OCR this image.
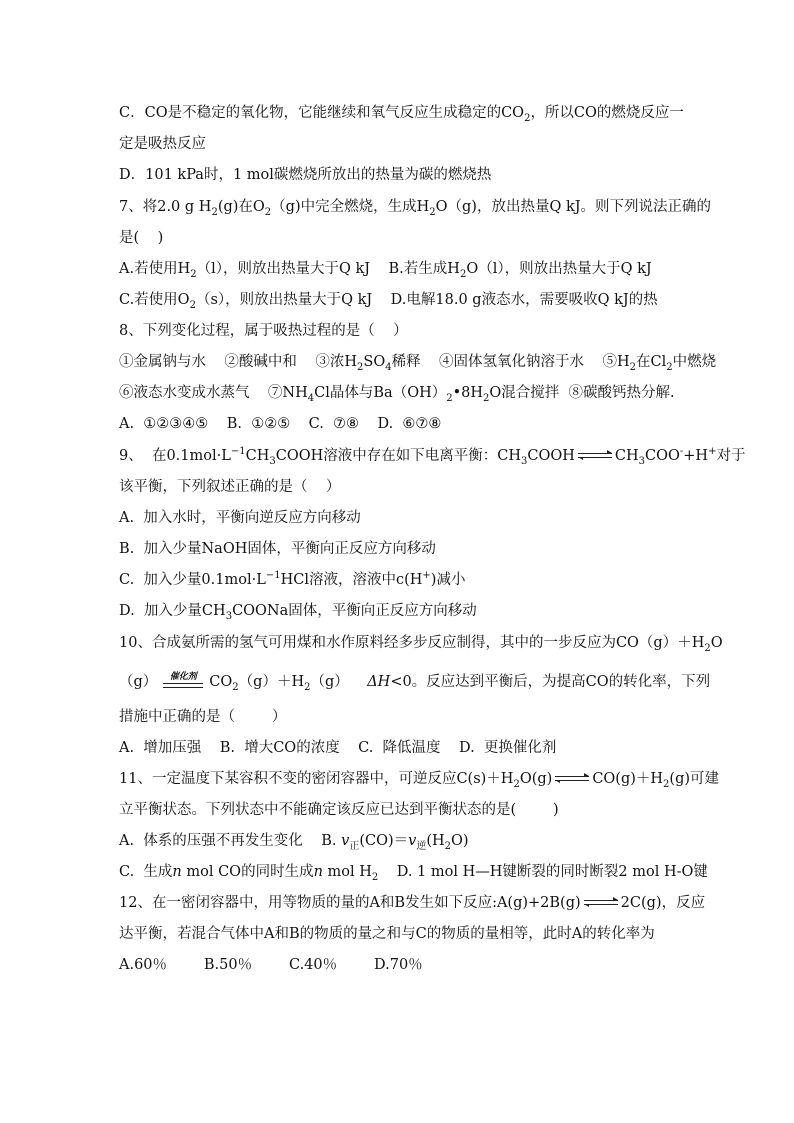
C．CO是不稳定的氧化物，它能继续和氧气反应生成稳定的$CO_2$，所以CO的燃烧反应一
定是吸热反应
D．101 kPa时，1 mol碳燃烧所放出的热量为碳的燃烧热
7、将2.0 g $H_2(g)$在$O_2(g)$中完全燃烧，生成$H_2O(g)$，放出热量Q kJ。则下列说法正确的
是(    )
A.若使用$H_2(l)$，则放出热量大于Q kJ    B.若生成$H_2O(l)$，则放出热量大于Q kJ
C.若使用$O_2(s)$，则放出热量大于Q kJ    D.电解18.0 g液态水，需要吸收Q kJ的热
8、下列变化过程，属于吸热过程的是（    ）
①金属钠与水    ②酸碱中和    ③浓$H_2SO_4$稀释    ④固体氢氧化钠溶于水    $⑤H_2$在$Cl_2$中燃烧
⑥液态水变成水蒸气    $⑦NH_4Cl$晶体与$Ba(OH)_2•8H_2O$混合搅拌  ⑧碳酸钙热分解.
A.  ①②③④⑤    B.  ①②⑤    C.  ⑦⑧    D.  ⑥⑦⑧
9、  在$0.1mol\cdot L^{-1}CH_3COOH$溶液中存在如下电离平衡：$CH_3COOH$	$CH_3COO^-+H^+$对于
该平衡，下列叙述正确的是（    ）
A.  加入水时，平衡向逆反应方向移动
B.  加入少量NaOH固体，平衡向正反应方向移动
C.  加入少量$0.1mol\cdot L^{-1}HCl$溶液，溶液中c(H+)减小
D.  加入少量$CH_3COONa$固体，平衡向正反应方向移动
10、合成氨所需的氢气可用煤和水作原料经多步反应制得，其中的一步反应为$CO(g)+H_2O$
（g）	催化剂 $CO_2(g)+H_2(g)$    ΔH<0。反应达到平衡后，为提高CO的转化率，下列
措施中正确的是（        ）
A.  增加压强    B.  增大CO的浓度    C.  降低温度    D.  更换催化剂
11、一定温度下某容积不变的密闭容器中，可逆反应$C(s)+H_2O(g)$	$CO(g)+H_2(g)$可建
立平衡状态。下列状态中不能确定该反应已达到平衡状态的是(        )
A.  体系的压强不再发生变化    B. $v_正(CO)=v_逆(H_2O)$
C.  生成n mol CO的同时生成n mol $H_2$    D. 1 mol H—H键断裂的同时断裂2 mol H-O键
12、在一密闭容器中，用等物质的量的A和B发生如下反应:A(g)+2B(g)	2C(g)，反应
达平衡，若混合气体中A和B的物质的量之和与C的物质的量相等，此时A的转化率为
A.60％        B.50％        C.40％        D.70％
